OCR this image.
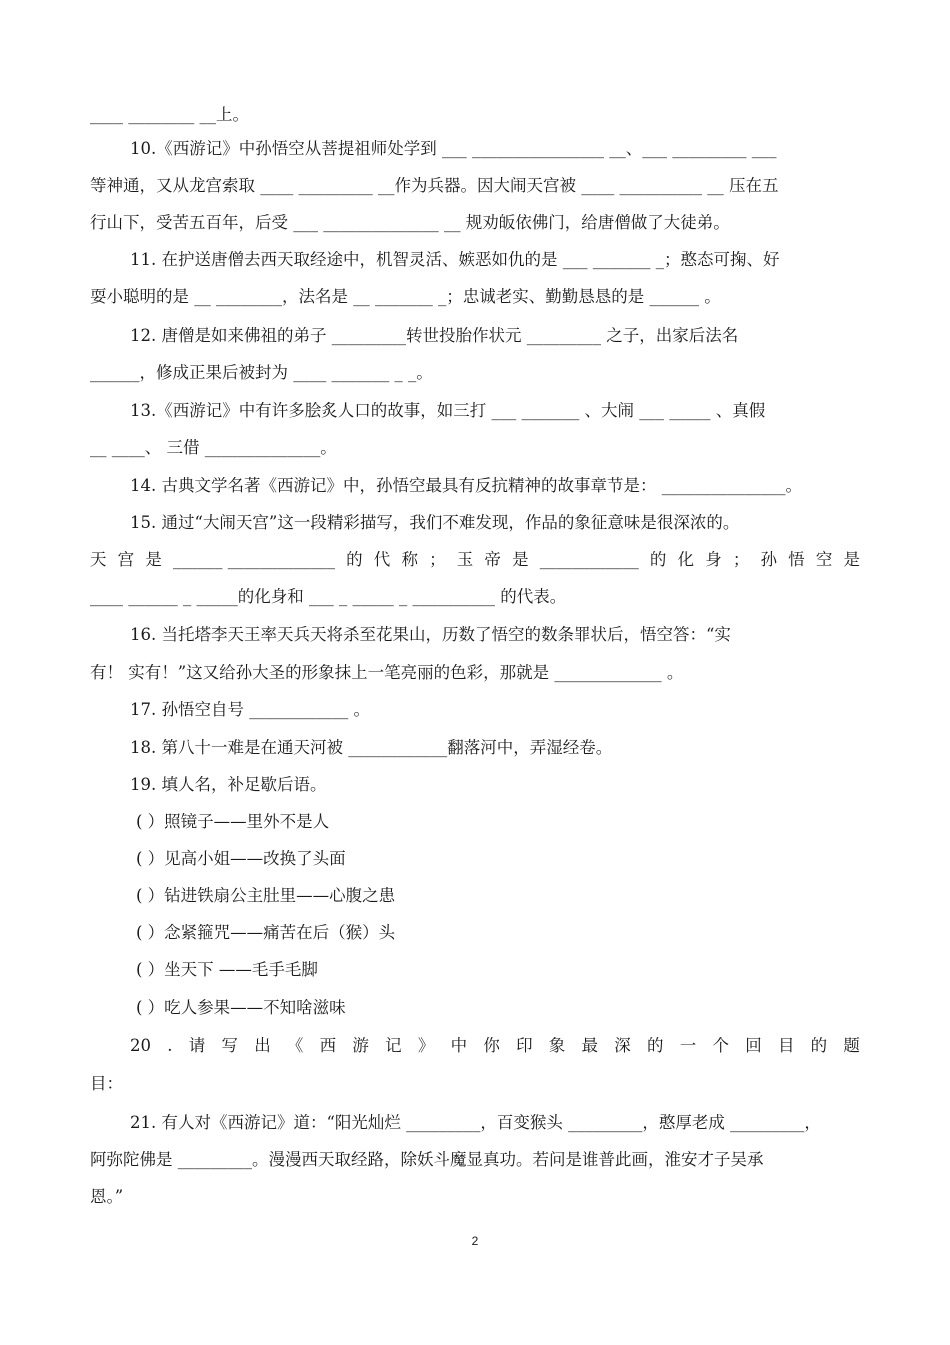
____ ________ __上。
10.《西游记》中孙悟空从菩提祖师处学到 ___ ________________ __、___ _________ ___
等神通，又从龙宫索取 ____ _________ __作为兵器。因大闹天宫被 ____ __________ __ 压在五
行山下，受苦五百年，后受 ___ ______________ __ 规劝皈依佛门，给唐僧做了大徒弟。
11. 在护送唐僧去西天取经途中，机智灵活、嫉恶如仇的是 ___ _______ _；憨态可掬、好
耍小聪明的是 __ ________，法名是 __ _______ _；忠诚老实、勤勤恳恳的是 ______ 。
12. 唐僧是如来佛祖的弟子 _________转世投胎作状元 _________ 之子，出家后法名
______，修成正果后被封为 ____ _______ _ _。
13.《西游记》中有许多脍炙人口的故事，如三打 ___ _______ 、大闹 ___ _____ 、真假
__ ____、 三借 ______________。
14. 古典文学名著《西游记》中，孙悟空最具有反抗精神的故事章节是： _______________。
15. 通过“大闹天宫”这一段精彩描写，我们不难发现，作品的象征意味是很深浓的。
天 宫 是 ______ _____________ 的 代 称 ； 玉 帝 是 ____________ 的 化 身 ； 孙 悟 空 是
____ ______ _ _____的化身和 ___ _ _____ _ __________ 的代表。
16. 当托塔李天王率天兵天将杀至花果山，历数了悟空的数条罪状后，悟空答：“实
有！ 实有！”这又给孙大圣的形象抹上一笔亮丽的色彩，那就是 _____________ 。
17. 孙悟空自号 ____________ 。
18. 第八十一难是在通天河被 ____________翻落河中，弄湿经卷。
19. 填人名，补足歇后语。
( ）照镜子——里外不是人
( ）见高小姐——改换了头面
( ）钻进铁扇公主肚里——心腹之患
( ）念紧箍咒——痛苦在后（猴）头
( ）坐天下 ——毛手毛脚
( ）吃人参果——不知啥滋味
20 . 请 写 出 《 西 游 记 》 中 你 印 象 最 深 的 一 个 回 目 的 题
目：
21. 有人对《西游记》道：“阳光灿烂 _________，百变猴头 _________，憨厚老成 _________，
阿弥陀佛是 _________。漫漫西天取经路，除妖斗魔显真功。若问是谁普此画，淮安才子吴承
恩。”
2
